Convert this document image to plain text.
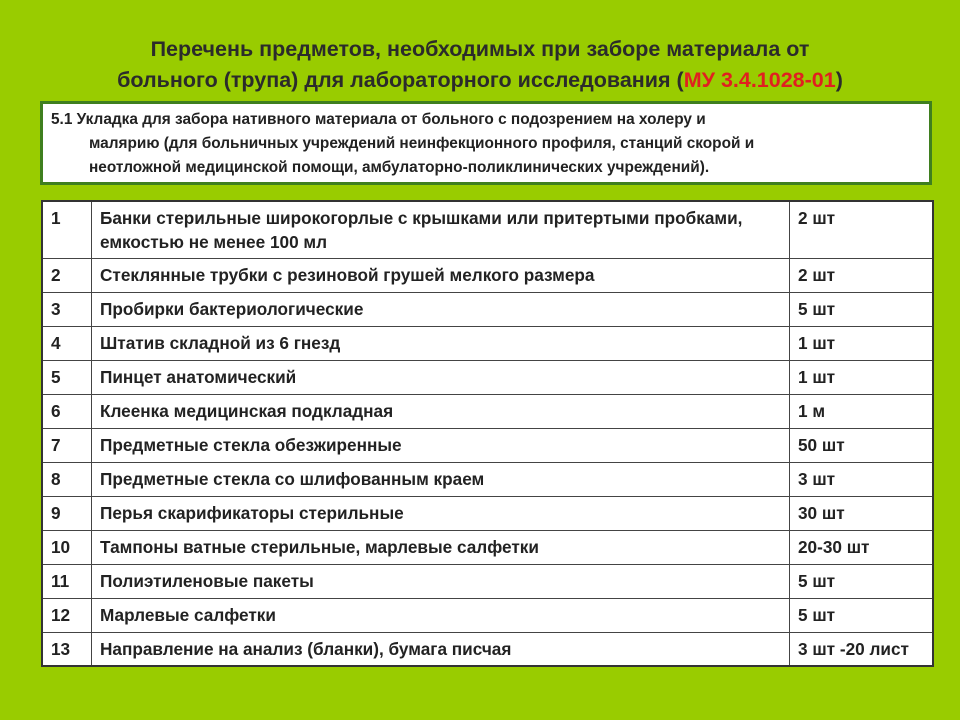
Перечень предметов, необходимых при заборе материала от
больного (трупа) для лабораторного исследования (МУ 3.4.1028-01)
5.1 Укладка для забора нативного материала от больного с подозрением на холеру и
малярию (для больничных учреждений неинфекционного профиля, станций скорой и
неотложной медицинской помощи, амбулаторно-поликлинических учреждений).
1	Банки стерильные широкогорлые с крышками или притертыми пробками, емкостью не менее 100 мл	2 шт
2	Стеклянные трубки с резиновой грушей мелкого размера	2 шт
3	Пробирки бактериологические	5 шт
4	Штатив складной из 6 гнезд	1 шт
5	Пинцет анатомический	1 шт
6	Клеенка медицинская подкладная	1 м
7	Предметные стекла обезжиренные	50 шт
8	Предметные стекла со шлифованным краем	3 шт
9	Перья скарификаторы стерильные	30 шт
10	Тампоны ватные стерильные, марлевые салфетки	20-30 шт
11	Полиэтиленовые пакеты	5 шт
12	Марлевые салфетки	5 шт
13	Направление на анализ (бланки), бумага писчая	3 шт -20 лист
